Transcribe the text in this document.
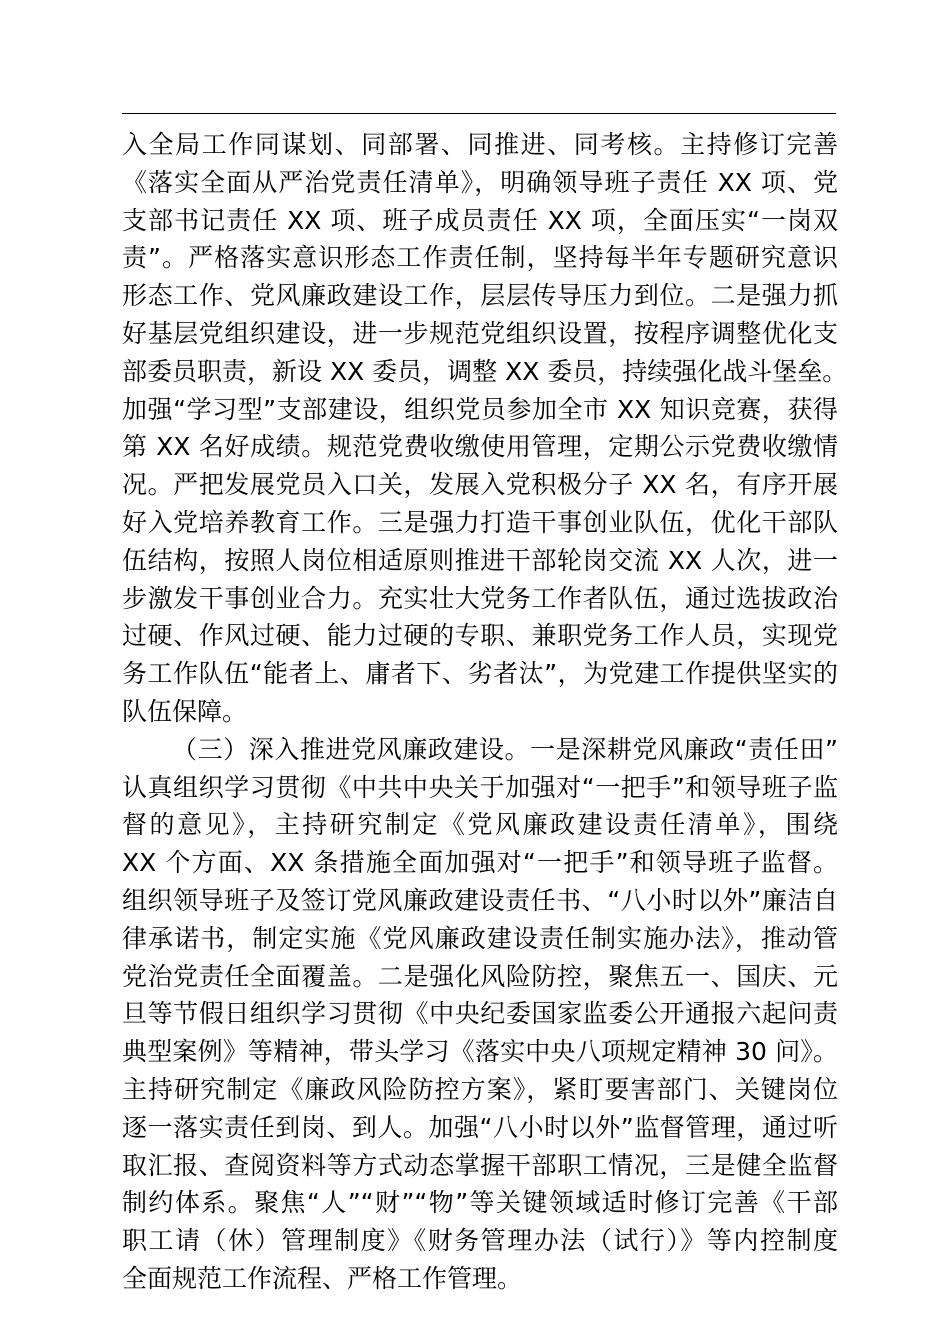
入全局工作同谋划、同部署、同推进、同考核。主持修订完善
《落实全面从严治党责任清单》，明确领导班子责任 XX 项、党
支部书记责任 XX 项、班子成员责任 XX 项，全面压实“一岗双
责”。严格落实意识形态工作责任制，坚持每半年专题研究意识
形态工作、党风廉政建设工作，层层传导压力到位。二是强力抓
好基层党组织建设，进一步规范党组织设置，按程序调整优化支
部委员职责，新设 XX 委员，调整 XX 委员，持续强化战斗堡垒。
加强“学习型”支部建设，组织党员参加全市 XX 知识竞赛，获得
第 XX 名好成绩。规范党费收缴使用管理，定期公示党费收缴情
况。严把发展党员入口关，发展入党积极分子 XX 名，有序开展
好入党培养教育工作。三是强力打造干事创业队伍，优化干部队
伍结构，按照人岗位相适原则推进干部轮岗交流 XX 人次，进一
步激发干事创业合力。充实壮大党务工作者队伍，通过选拔政治
过硬、作风过硬、能力过硬的专职、兼职党务工作人员，实现党
务工作队伍“能者上、庸者下、劣者汰”，为党建工作提供坚实的
队伍保障。
（三）深入推进党风廉政建设。一是深耕党风廉政“责任田”
认真组织学习贯彻《中共中央关于加强对“一把手”和领导班子监
督的意见》，主持研究制定《党风廉政建设责任清单》，围绕
XX 个方面、XX 条措施全面加强对“一把手”和领导班子监督。
组织领导班子及签订党风廉政建设责任书、“八小时以外”廉洁自
律承诺书，制定实施《党风廉政建设责任制实施办法》，推动管
党治党责任全面覆盖。二是强化风险防控，聚焦五一、国庆、元
旦等节假日组织学习贯彻《中央纪委国家监委公开通报六起问责
典型案例》等精神，带头学习《落实中央八项规定精神 30 问》。
主持研究制定《廉政风险防控方案》，紧盯要害部门、关键岗位
逐一落实责任到岗、到人。加强“八小时以外”监督管理，通过听
取汇报、查阅资料等方式动态掌握干部职工情况，三是健全监督
制约体系。聚焦“人”“财”“物”等关键领域适时修订完善《干部
职工请（休）管理制度》《财务管理办法（试行）》等内控制度
全面规范工作流程、严格工作管理。
